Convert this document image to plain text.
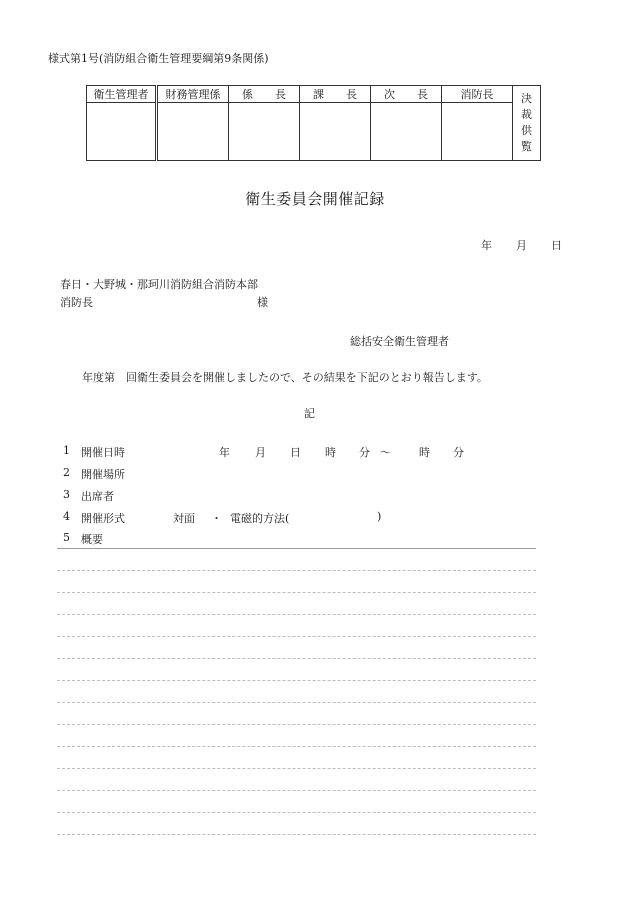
様式第1号(消防組合衛生管理要綱第9条関係)
衛生管理者	財務管理係	係　　長	課　　長	次　　長	消防長	決
裁
供
覧

衛生委員会開催記録
年 月 日
春日・大野城・那珂川消防組合消防本部
消防長	様
総括安全衛生管理者
年度第　回衛生委員会を開催しましたので、その結果を下記のとおり報告します。
記
1 開催日時	年 月 日 時 分 ～	時 分
2 開催場所
3 出席者
4 開催形式	対面 ・ 電磁的方法(	)
5 概要
